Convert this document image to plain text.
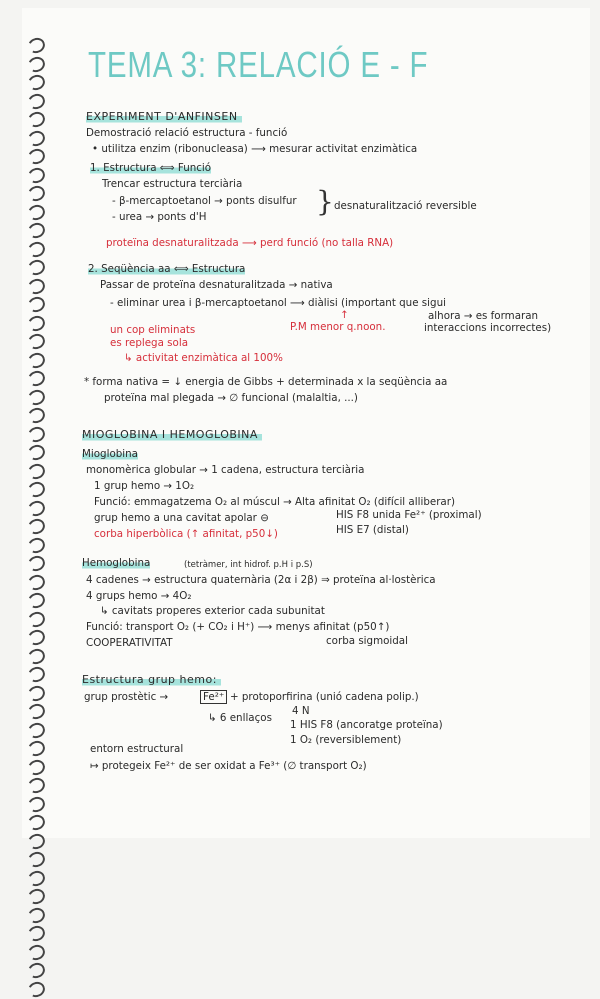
TEMA 3: RELACIÓ E - F
EXPERIMENT D'ANFINSEN
Demostració relació estructura - funció
• utilitza enzim (ribonucleasa) ⟶ mesurar activitat enzimàtica
1. Estructura ⟺ Funció
Trencar estructura terciària
- β-mercaptoetanol → ponts disulfur
- urea → ponts d'H	} desnaturalització reversible
proteïna desnaturalitzada ⟶ perd funció (no talla RNA)
2. Seqüència aa ⟺ Estructura
Passar de proteïna desnaturalitzada → nativa
- eliminar urea i β-mercaptoetanol ⟶ diàlisi (important que sigui
↑
P.M menor q.noon.
alhora → es formaran
interaccions incorrectes)
un cop eliminats
es replega sola
↳ activitat enzimàtica al 100%
* forma nativa = ↓ energia de Gibbs + determinada x la seqüència aa
proteïna mal plegada → ∅ funcional (malaltia, ...)
MIOGLOBINA I HEMOGLOBINA
Mioglobina
monomèrica globular → 1 cadena, estructura terciària
1 grup hemo → 1O₂
Funció: emmagatzema O₂ al múscul → Alta afinitat O₂ (difícil alliberar)
grup hemo a una cavitat apolar ⊖	HIS F8 unida Fe²⁺ (proximal)
HIS E7 (distal)
corba hiperbòlica (↑ afinitat, p50↓)
Hemoglobina	(tetràmer, int hidrof. p.H i p.S)
4 cadenes → estructura quaternària (2α i 2β) ⇒ proteïna al·lostèrica
4 grups hemo → 4O₂
↳ cavitats properes exterior cada subunitat
Funció: transport O₂ (+ CO₂ i H⁺) ⟶ menys afinitat (p50↑)
corba sigmoidal
COOPERATIVITAT
Estructura grup hemo:
grup prostètic →	Fe²⁺ + protoporfirina (unió cadena polip.)
↳ 6 enllaços
4 N
1 HIS F8 (ancoratge proteïna)
1 O₂ (reversiblement)
entorn estructural
↦ protegeix Fe²⁺ de ser oxidat a Fe³⁺ (∅ transport O₂)
